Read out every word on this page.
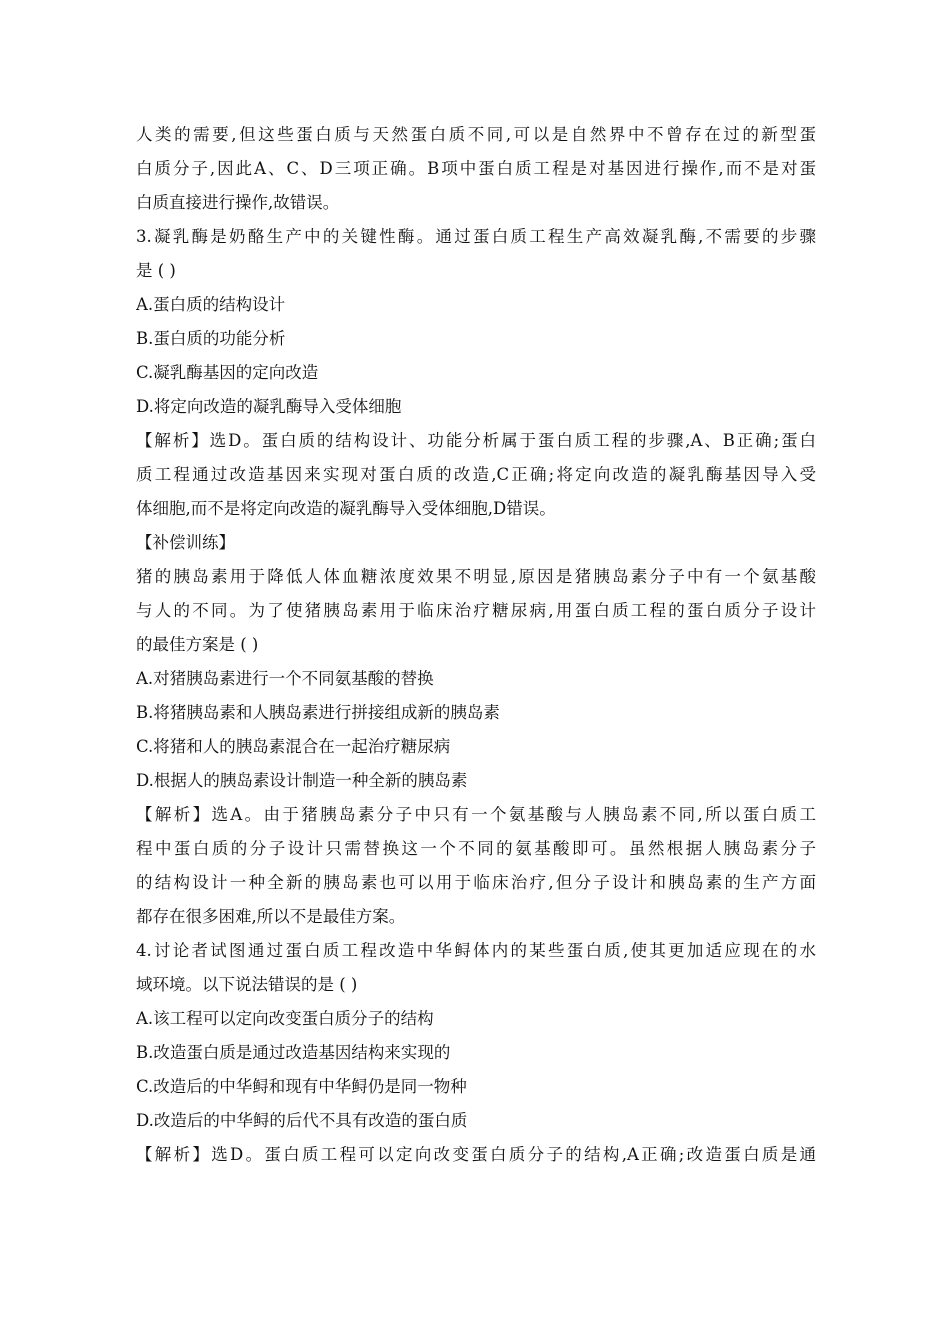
人类的需要,但这些蛋白质与天然蛋白质不同,可以是自然界中不曾存在过的新型蛋
白质分子,因此A、C、D三项正确。B项中蛋白质工程是对基因进行操作,而不是对蛋
白质直接进行操作,故错误。
3.凝乳酶是奶酪生产中的关键性酶。通过蛋白质工程生产高效凝乳酶,不需要的步骤
是 ( )
A.蛋白质的结构设计
B.蛋白质的功能分析
C.凝乳酶基因的定向改造
D.将定向改造的凝乳酶导入受体细胞
【解析】选D。蛋白质的结构设计、功能分析属于蛋白质工程的步骤,A、B正确;蛋白
质工程通过改造基因来实现对蛋白质的改造,C正确;将定向改造的凝乳酶基因导入受
体细胞,而不是将定向改造的凝乳酶导入受体细胞,D错误。
【补偿训练】
猪的胰岛素用于降低人体血糖浓度效果不明显,原因是猪胰岛素分子中有一个氨基酸
与人的不同。为了使猪胰岛素用于临床治疗糖尿病,用蛋白质工程的蛋白质分子设计
的最佳方案是 ( )
A.对猪胰岛素进行一个不同氨基酸的替换
B.将猪胰岛素和人胰岛素进行拼接组成新的胰岛素
C.将猪和人的胰岛素混合在一起治疗糖尿病
D.根据人的胰岛素设计制造一种全新的胰岛素
【解析】选A。由于猪胰岛素分子中只有一个氨基酸与人胰岛素不同,所以蛋白质工
程中蛋白质的分子设计只需替换这一个不同的氨基酸即可。虽然根据人胰岛素分子
的结构设计一种全新的胰岛素也可以用于临床治疗,但分子设计和胰岛素的生产方面
都存在很多困难,所以不是最佳方案。
4.讨论者试图通过蛋白质工程改造中华鲟体内的某些蛋白质,使其更加适应现在的水
域环境。以下说法错误的是 ( )
A.该工程可以定向改变蛋白质分子的结构
B.改造蛋白质是通过改造基因结构来实现的
C.改造后的中华鲟和现有中华鲟仍是同一物种
D.改造后的中华鲟的后代不具有改造的蛋白质
【解析】选D。蛋白质工程可以定向改变蛋白质分子的结构,A正确;改造蛋白质是通
